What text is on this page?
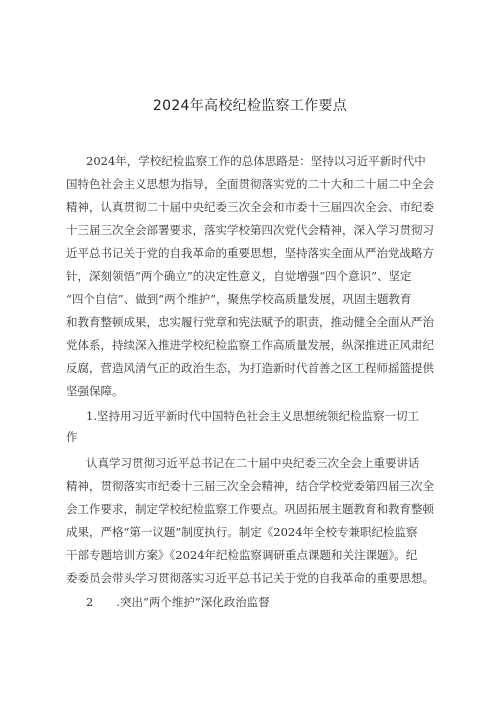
2024年高校纪检监察工作要点
2024年，学校纪检监察工作的总体思路是：坚持以习近平新时代中
国特色社会主义思想为指导，全面贯彻落实党的二十大和二十届二中全会
精神，认真贯彻二十届中央纪委三次全会和市委十三届四次全会、市纪委
十三届三次全会部署要求，落实学校第四次党代会精神，深入学习贯彻习
近平总书记关于党的自我革命的重要思想，坚持落实全面从严治党战略方
针，深刻领悟“两个确立”的决定性意义，自觉增强“四个意识”、坚定
“四个自信”、做到“两个维护”，聚焦学校高质量发展，巩固主题教育
和教育整顿成果，忠实履行党章和宪法赋予的职责，推动健全全面从严治
党体系，持续深入推进学校纪检监察工作高质量发展，纵深推进正风肃纪
反腐，营造风清气正的政治生态，为打造新时代首善之区工程师摇篮提供
坚强保障。
1.坚持用习近平新时代中国特色社会主义思想统领纪检监察一切工
作
认真学习贯彻习近平总书记在二十届中央纪委三次全会上重要讲话
精神，贯彻落实市纪委十三届三次全会精神，结合学校党委第四届三次全
会工作要求，制定学校纪检监察工作要点。巩固拓展主题教育和教育整顿
成果，严格“第一议题”制度执行。制定《2024年全校专兼职纪检监察
干部专题培训方案》《2024年纪检监察调研重点课题和关注课题》。纪
委委员会带头学习贯彻落实习近平总书记关于党的自我革命的重要思想。
2　　.突出“两个维护”深化政治监督
